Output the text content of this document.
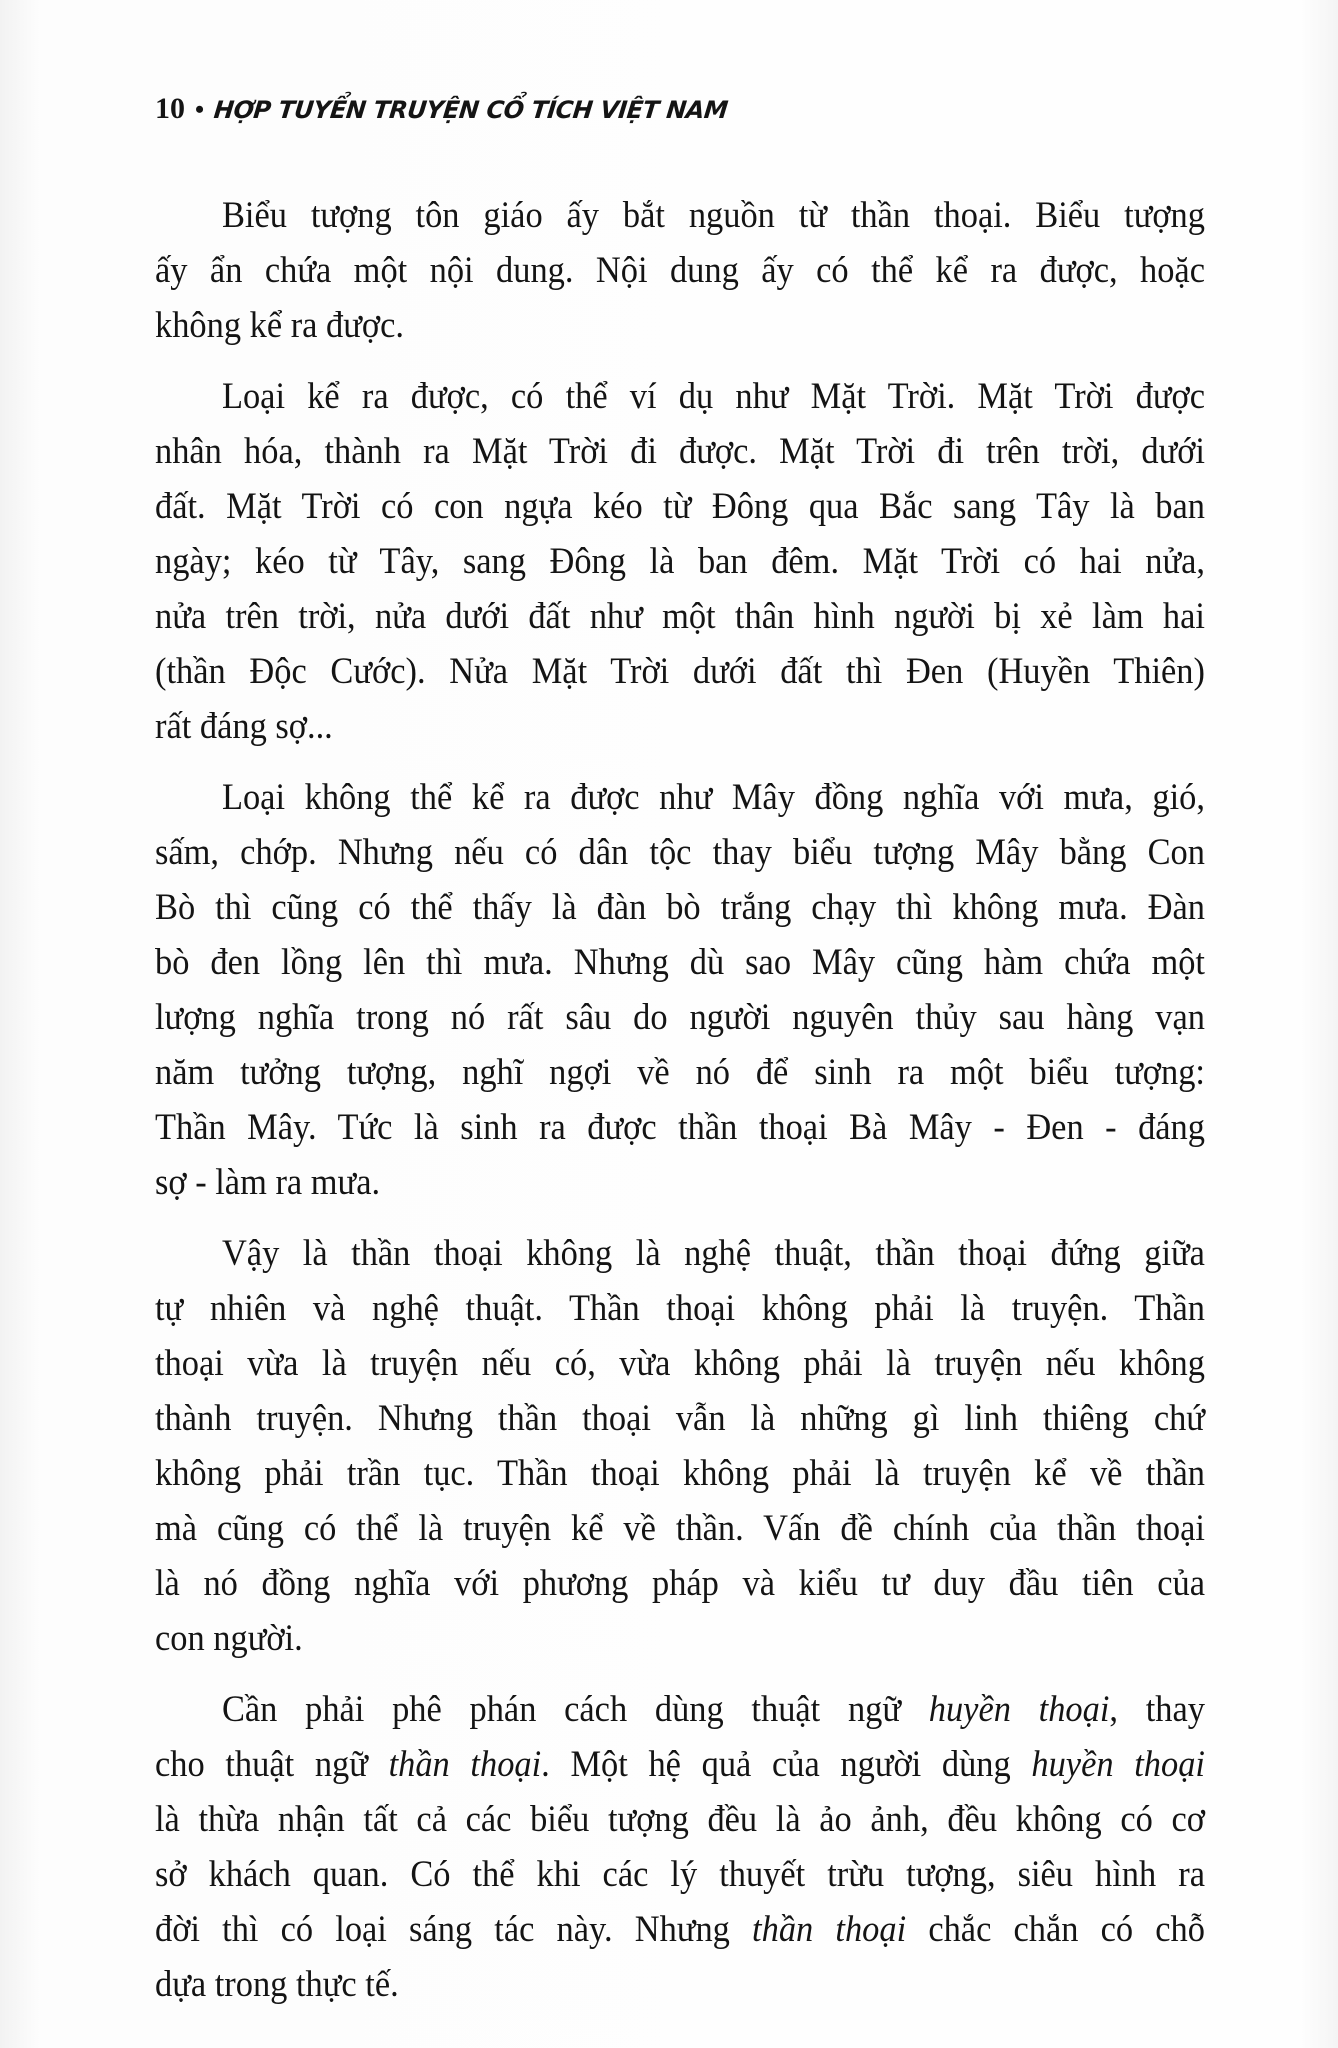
10 • HỢP TUYỂN TRUYỆN CỔ TÍCH VIỆT NAM
Biểu tượng tôn giáo ấy bắt nguồn từ thần thoại. Biểu tượng
ấy ẩn chứa một nội dung. Nội dung ấy có thể kể ra được, hoặc
không kể ra được.
Loại kể ra được, có thể ví dụ như Mặt Trời. Mặt Trời được
nhân hóa, thành ra Mặt Trời đi được. Mặt Trời đi trên trời, dưới
đất. Mặt Trời có con ngựa kéo từ Đông qua Bắc sang Tây là ban
ngày; kéo từ Tây, sang Đông là ban đêm. Mặt Trời có hai nửa,
nửa trên trời, nửa dưới đất như một thân hình người bị xẻ làm hai
(thần Độc Cước). Nửa Mặt Trời dưới đất thì Đen (Huyền Thiên)
rất đáng sợ...
Loại không thể kể ra được như Mây đồng nghĩa với mưa, gió,
sấm, chớp. Nhưng nếu có dân tộc thay biểu tượng Mây bằng Con
Bò thì cũng có thể thấy là đàn bò trắng chạy thì không mưa. Đàn
bò đen lồng lên thì mưa. Nhưng dù sao Mây cũng hàm chứa một
lượng nghĩa trong nó rất sâu do người nguyên thủy sau hàng vạn
năm tưởng tượng, nghĩ ngợi về nó để sinh ra một biểu tượng:
Thần Mây. Tức là sinh ra được thần thoại Bà Mây - Đen - đáng
sợ - làm ra mưa.
Vậy là thần thoại không là nghệ thuật, thần thoại đứng giữa
tự nhiên và nghệ thuật. Thần thoại không phải là truyện. Thần
thoại vừa là truyện nếu có, vừa không phải là truyện nếu không
thành truyện. Nhưng thần thoại vẫn là những gì linh thiêng chứ
không phải trần tục. Thần thoại không phải là truyện kể về thần
mà cũng có thể là truyện kể về thần. Vấn đề chính của thần thoại
là nó đồng nghĩa với phương pháp và kiểu tư duy đầu tiên của
con người.
Cần phải phê phán cách dùng thuật ngữ huyền thoại, thay
cho thuật ngữ thần thoại. Một hệ quả của người dùng huyền thoại
là thừa nhận tất cả các biểu tượng đều là ảo ảnh, đều không có cơ
sở khách quan. Có thể khi các lý thuyết trừu tượng, siêu hình ra
đời thì có loại sáng tác này. Nhưng thần thoại chắc chắn có chỗ
dựa trong thực tế.
